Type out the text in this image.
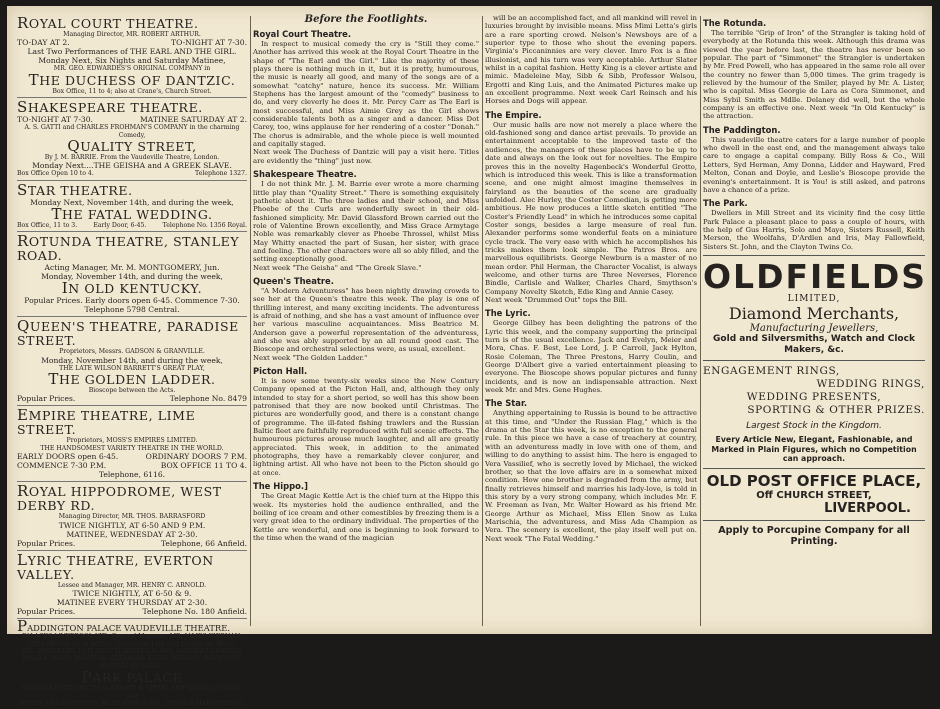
ROYAL COURT THEATRE.
Managing Director, MR. ROBERT ARTHUR.
TO-DAY AT 2.	TO-NIGHT AT 7-30.
Last Two Performances of THE EARL AND THE GIRL.
Monday Next, Six Nights and Saturday Matinee,
MR. GEO. EDWARDES'S ORIGINAL COMPANY in
THE DUCHESS OF DANTZIC.
Box Office, 11 to 4; also at Crane's, Church Street.
SHAKESPEARE THEATRE.
TO-NIGHT AT 7-30.	MATINEE SATURDAY AT 2.
A. S. GATTI and CHARLES FROHMAN'S COMPANY in the charming Comedy,
QUALITY STREET,
By J. M. BARRIE. From the Vaudeville Theatre, London.
Monday Next....THE GEISHA and A GREEK SLAVE.
Box Office Open 10 to 4.	Telephone 1327.
STAR THEATRE.
Monday Next, November 14th, and during the week,
THE FATAL WEDDING.
Box Office, 11 to 3.	Early Door, 6-45.	Telephone No. 1356 Royal.
ROTUNDA THEATRE, STANLEY ROAD.
Acting Manager, Mr. M. MONTGOMERY, Jun.
Monday, November 14th, and during the week,
IN OLD KENTUCKY.
Popular Prices. Early doors open 6-45. Commence 7-30.
Telephone 5798 Central.
QUEEN'S THEATRE, PARADISE STREET.
Proprietors, Messrs. GADSON & GRANVILLE.
Monday, November 14th, and during the week,
THE LATE WILSON BARRETT'S GREAT PLAY,
THE GOLDEN LADDER.
Bioscope between the Acts.
Popular Prices.	Telephone No. 8479
EMPIRE THEATRE, LIME STREET.
Proprietors, MOSS'S EMPIRES LIMITED.
THE HANDSOMEST VARIETY THEATRE IN THE WORLD.
EARLY DOORS open 6-45.	ORDINARY DOORS 7 P.M.
COMMENCE 7-30 P.M.	BOX OFFICE 11 TO 4.
Telephone, 6116.
ROYAL HIPPODROME, WEST DERBY RD.
Managing Director, MR. THOS. BARRASFORD
TWICE NIGHTLY, AT 6-50 AND 9 P.M.
MATINEE, WEDNESDAY AT 2-30.
Popular Prices.	Telephone, 66 Anfield.
LYRIC THEATRE, EVERTON VALLEY.
Lessee and Manager, MR. HENRY C. ARNOLD.
TWICE NIGHTLY, AT 6-50 & 9.
MATINEE EVERY THURSDAY AT 2-30.
Popular Prices.	Telephone No. 180 Anfield.
PADDINGTON PALACE VAUDEVILLE THEATRE.
PALACES LIVERPOOL LTD. General Manager, MR. JAMES KIERNAN.
TELEPHONE 2038 ROYAL. November 14th and During the Week.
THE WOOLFAHS, IS IT YOU? D'ARDLEN & IRIS, MAY FALLOWFIELD,
BOLD & MAYO, BLANCHE GRESHAM, KEITH MERSON, BIOSCOPE,
SISTERS RUSSELL.
PARK PALACE
SPANGLETETTI CIRCUS in BROWN & SPINK, AMY DONNA, CONAN and
DOYLE, VIOLET RIVERS, BILLY ROSS & CO., GEORGE MARRINGENO.
Before the Footlights.
Royal Court Theatre.

In respect to musical comedy the cry is "Still they come." Another has arrived this week at the Royal Court Theatre in the shape of "The Earl and the Girl." Like the majority of these plays there is nothing much in it, but it is pretty, humourous, the music is nearly all good, and many of the songs are of a somewhat "catchy" nature, hence its success. Mr. William Stephens has the largest amount of the "comedy" business to do, and very cleverly he does it. Mr. Percy Carr as The Earl is most successful, and Miss Aimie Grey as the Girl shows considerable talents both as a singer and a dancer. Miss Dot Carey, too, wins applause for her rendering of a coster "Donah." The chorus is admirable, and the whole piece is well mounted and capitally staged.
Next week The Duchess of Dantzic will pay a visit here. Titles are evidently the "thing" just now.

Shakespeare Theatre.

I do not think Mr. J. M. Barrie ever wrote a more charming little play than "Quality Street." There is something exquisitely pathetic about it. The three ladies and their school, and Miss Phoebe of the Curls are wonderfully sweet in their old-fashioned simplicity. Mr. David Glassford Brown carried out the role of Valentine Brown excellently, and Miss Grace Armytage Noble was remarkably clever as Phoebe Throssel, whilst Miss May Whitty enacted the part of Susan, her sister, with grace and feeling. The other characters were all so ably filled, and the setting exceptionally good.
Next week "The Geisha" and "The Greek Slave."

Queen's Theatre.

"A Modern Adventuress" has been nightly drawing crowds to see her at the Queen's theatre this week. The play is one of thrilling interest, and many exciting incidents. The adventuress is afraid of nothing, and she has a vast amount of influence over her various masculine acquaintances. Miss Beatrice M. Anderson gave a powerful representation of the adventuress, and she was ably supported by an all round good cast. The Bioscope and orchestral selections were, as usual, excellent.
Next week "The Golden Ladder."

Picton Hall.

It is now some twenty-six weeks since the New Century Company opened at the Picton Hall, and, although they only intended to stay for a short period, so well has this show been patronised that they are now booked until Christmas. The pictures are wonderfully good, and there is a constant change of programme. The ill-fated fishing trawlers and the Russian Baltic fleet are faithfully reproduced with full scenic effects. The humourous pictures arouse much laughter, and all are greatly appreciated. This week, in addition to the animated photographs, they have a remarkably clever conjurer, and lightning artist. All who have not been to the Picton should go at once.

The Hippo.]

The Great Magic Kettle Act is the chief turn at the Hippo this week. Its mysteries hold the audience enthralled, and the boiling of ice cream and other comestibles by freezing them is a very great idea to the ordinary individual. The properties of the Kettle are wonderful, and one is beginning to look forward to the time when the wand of the magician

will be an accomplished fact, and all mankind will revel in luxuries brought by invisible means. Miss Mimi Letta's girls are a rare sporting crowd. Nelson's Newsboys are of a superior type to those who shout the evening papers. Virginia's Piccaninnies are very clever. Imro Fox is a fine illusionist, and his turn was very acceptable. Arthur Slater whilst in a capital fashion. Hetty King is a clever artiste and mimic. Madeleine May, Sibb & Sibb, Professor Welsou, Ergotti and King Luis, and the Animated Pictures make up an excellent programme. Next week Carl Reinsch and his Horses and Dogs will appear.

The Empire.

Our music halls are now not merely a place where the old-fashioned song and dance artist prevails. To provide an entertainment acceptable to the improved taste of the audiences, the managers of these places have to be up to date and always on the look out for novelties. The Empire proves this in the novelty Hagenbeck's Wonderful Grotto, which is introduced this week. This is like a transformation scene, and one might almost imagine themselves in fairyland as the beauties of the scene are gradually unfolded. Alec Hurley, the Coster Comedian, is getting more ambitious. He now produces a little sketch entitled "The Coster's Friendly Lead" in which he introduces some capital Coster songs, besides a large measure of real fun. Alexander performs some wonderful feats on a miniature cycle track. The very ease with which he accomplishes his tricks makes them look simple. The Patros Bros. are marvellous equilibrists. George Newburn is a master of no mean order. Phil Herman, the Character Vocalist, is always welcome, and other turns are Three Neverses, Florence Bindle, Carlisle and Walker, Charles Chard, Smythson's Company Novelty Sketch, Edie King and Annie Casey.
Next week "Drummed Out" tops the Bill.

The Lyric.

George Gilbey has been delighting the patrons of the Lyric this week, and the company supporting the principal turn is of the usual excellence. Jack and Evelyn, Meier and Mora, Chas. F. Best, Lee Lord, J. P. Carroll, Jack Hylton, Rosie Coleman, The Three Prestons, Harry Coulin, and George D'Albert give a varied entertainment pleasing to everyone. The Bioscope shows popular pictures and funny incidents, and is now an indispensable attraction. Next week Mr. and Mrs. Gene Hughes.

The Star.

Anything appertaining to Russia is bound to be attractive at this time, and "Under the Russian Flag," which is the drama at the Star this week, is no exception to the general rule. In this piece we have a case of treachery at country, with an adventuress madly in love with one of them, and willing to do anything to assist him. The hero is engaged to Vera Vassilief, who is secretly loved by Michael, the wicked brother, so that the love affairs are in a somewhat mixed condition. How one brother is degraded from the army, but finally retrieves himself and marries his lady-love, is told in this story by a very strong company, which includes Mr. F. W. Freeman as Ivan, Mr. Walter Howard as his friend Mr. George Arthur as Michael, Miss Ellen Snow as Luka Marischia, the adventuress, and Miss Ada Champion as Vera. The scenery is excellent, the play itself well put on. Next week "The Fatal Wedding."

The Rotunda.

The terrible "Grip of Iron" of the Strangler is taking hold of everybody at the Rotunda this week. Although this drama was viewed the year before last, the theatre has never been so popular. The part of "Simmonet" the Strangler is undertaken by Mr. Fred Powell, who has appeared in the same role all over the country no fewer than 5,000 times. The grim tragedy is relieved by the humour of the Smiler, played by Mr. A. Lister, who is capital. Miss Georgie de Lara as Cora Simmonet, and Miss Sybil Smith as Mdlle. Delaney did well, but the whole company is an effective one. Next week "In Old Kentucky" is the attraction.

The Paddington.

This vaudeville theatre caters for a large number of people who dwell in the east end, and the management always take care to engage a capital company. Billy Ross & Co., Will Letters, Syd Herman, Amy Donna, Lidder and Hayward, Fred Melton, Conan and Doyle, and Leslie's Bioscope provide the evening's entertainment. It is You! is still asked, and patrons have a chance of a prize.

The Park.

Dwellers in Mill Street and its vicinity find the cosy little Park Palace a pleasant place to pass a couple of hours, with the help of Gus Harris, Solo and Mayo, Sisters Russell, Keith Merson, the Woolfahs, D'Ardlen and Iris, May Fallowfield, Sisters St. John, and the Clayton Twins Co.

OLDFIELDS
LIMITED,
Diamond Merchants,
Manufacturing Jewellers,
Gold and Silversmiths, Watch and Clock Makers, &c.
ENGAGEMENT RINGS,
WEDDING RINGS,
WEDDING PRESENTS,
SPORTING & OTHER PRIZES.
Largest Stock in the Kingdom.
Every Article New, Elegant, Fashionable, and Marked in Plain Figures, which no Competition can approach.
OLD POST OFFICE PLACE,
Off CHURCH STREET,
LIVERPOOL.
Apply to Porcupine Company for all Printing.
